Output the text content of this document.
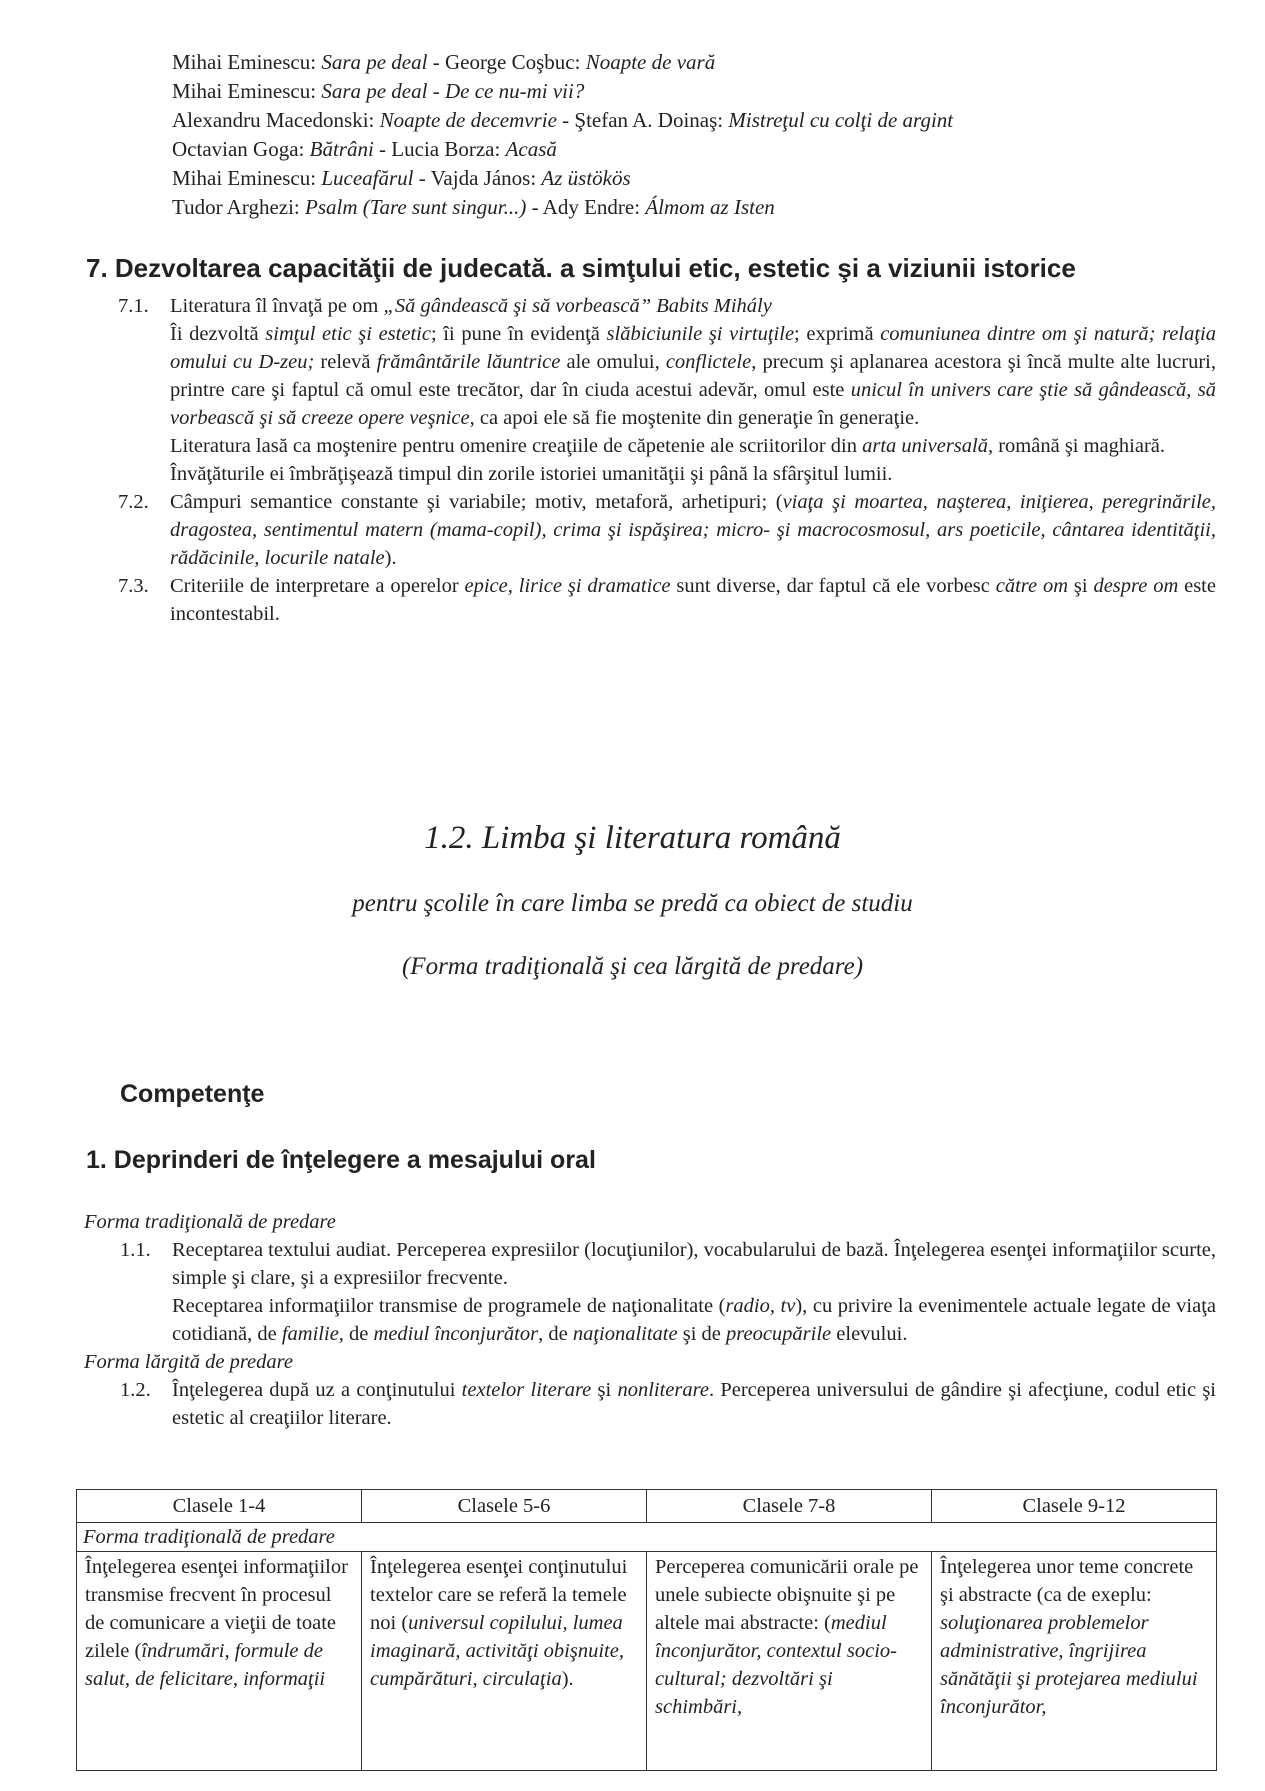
Mihai Eminescu: Sara pe deal - George Coşbuc: Noapte de vară
Mihai Eminescu: Sara pe deal - De ce nu-mi vii?
Alexandru Macedonski: Noapte de decemvrie - Ştefan A. Doinaş: Mistreţul cu colţi de argint
Octavian Goga: Bătrâni - Lucia Borza: Acasă
Mihai Eminescu: Luceafărul - Vajda János: Az üstökös
Tudor Arghezi: Psalm (Tare sunt singur...) - Ady Endre: Álmom az Isten
7. Dezvoltarea capacităţii de judecată. a simţului etic, estetic şi a viziunii istorice
7.1.	Literatura îl învaţă pe om „Să gândească şi să vorbească” Babits Mihály

Îi dezvoltă simţul etic şi estetic; îi pune în evidenţă slăbiciunile şi virtuţile; exprimă comuniunea dintre om şi natură; relaţia omului cu D-zeu; relevă frământările lăuntrice ale omului, conflictele, precum şi aplanarea acestora şi încă multe alte lucruri, printre care şi faptul că omul este trecător, dar în ciuda acestui adevăr, omul este unicul în univers care ştie să gândească, să vorbească şi să creeze opere veşnice, ca apoi ele să fie moştenite din generaţie în generaţie.

Literatura lasă ca moştenire pentru omenire creaţiile de căpetenie ale scriitorilor din arta universală, română şi maghiară.

Învăţăturile ei îmbrăţişează timpul din zorile istoriei umanităţii şi până la sfârşitul lumii.

7.2.	Câmpuri semantice constante şi variabile; motiv, metaforă, arhetipuri; (viaţa şi moartea, naşterea, iniţierea, peregrinările, dragostea, sentimentul matern (mama-copil), crima şi ispăşirea; micro- şi macrocosmosul, ars poeticile, cântarea identităţii, rădăcinile, locurile natale).

7.3.	Criteriile de interpretare a operelor epice, lirice şi dramatice sunt diverse, dar faptul că ele vorbesc către om şi despre om este incontestabil.

1.2. Limba şi literatura română
pentru şcolile în care limba se predă ca obiect de studiu
(Forma tradiţională şi cea lărgită de predare)
Competenţe
1. Deprinderi de înţelegere a mesajului oral
Forma tradiţională de predare
1.1.	Receptarea textului audiat. Perceperea expresiilor (locuţiunilor), vocabularului de bază. Înţelegerea esenţei informaţiilor scurte, simple şi clare, şi a expresiilor frecvente.

Receptarea informaţiilor transmise de programele de naţionalitate (radio, tv), cu privire la evenimentele actuale legate de viaţa cotidiană, de familie, de mediul înconjurător, de naţionalitate şi de preocupările elevului.

Forma lărgită de predare
1.2.	Înţelegerea după uz a conţinutului textelor literare şi nonliterare. Perceperea universului de gândire şi afecţiune, codul etic şi estetic al creaţiilor literare.

Clasele 1-4	Clasele 5-6	Clasele 7-8	Clasele 9-12
Forma tradiţională de predare			
Înţelegerea esenţei informaţiilor transmise frecvent în procesul de comunicare a vieţii de toate zilele (îndrumări, formule de salut, de felicitare, informaţii	Înţelegerea esenţei conţinutului textelor care se referă la temele noi (universul copilului, lumea imaginară, activităţi obişnuite, cumpărături, circulaţia).	Perceperea comunicării orale pe unele subiecte obişnuite şi pe altele mai abstracte: (mediul înconjurător, contextul socio- cultural; dezvoltări şi schimbări,	Înţelegerea unor teme concrete şi abstracte (ca de exeplu: soluţionarea problemelor administrative, îngrijirea sănătăţii şi protejarea mediului înconjurător,
